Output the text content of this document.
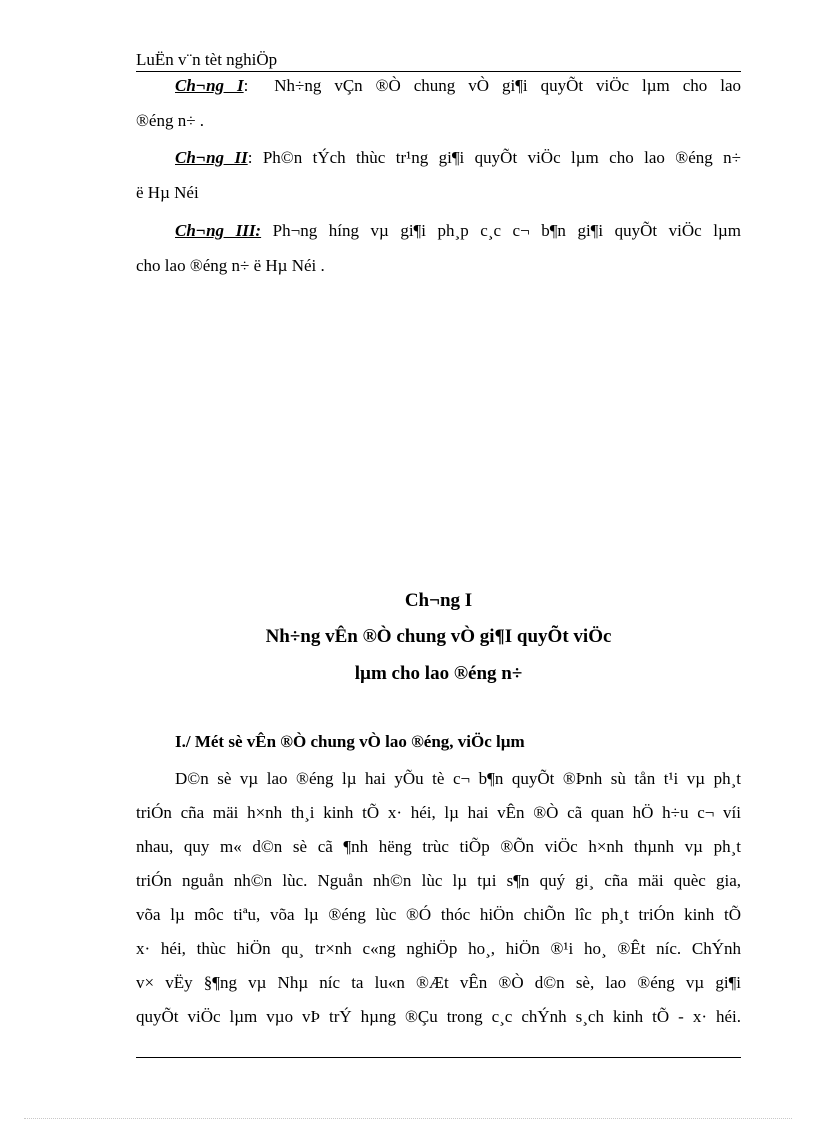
LuËn v¨n tèt nghiÖp
Ch¬ng I: Nh÷ng vÇn ®Ò chung vÒ gi¶i quyÕt viÖc lµm cho lao
®éng n÷ .
Ch¬ng II: Ph©n tÝch thùc tr¹ng gi¶i quyÕt viÖc lµm cho lao ®éng n÷
ë Hµ Néi
Ch¬ng III: Ph¬ng híng vµ gi¶i ph¸p c¸c c¬ b¶n gi¶i quyÕt viÖc lµm
cho lao ®éng n÷ ë Hµ Néi .
Ch¬ng I
Nh÷ng vÊn ®Ò chung vÒ gi¶I quyÕt viÖc
lµm cho lao ®éng n÷
I./ Mét sè vÊn ®Ò chung vÒ lao ®éng, viÖc lµm
D©n sè vµ lao ®éng lµ hai yÕu tè c¬ b¶n quyÕt ®Þnh sù tån t¹i vµ ph¸t
triÓn cña mäi h×nh th¸i kinh tÕ x· héi, lµ hai vÊn ®Ò cã quan hÖ h÷u c¬ víi
nhau, quy m« d©n sè cã ¶nh hëng trùc tiÕp ®Õn viÖc h×nh thµnh vµ ph¸t
triÓn nguån nh©n lùc. Nguån nh©n lùc lµ tµi s¶n quý gi¸ cña mäi quèc gia,
võa lµ môc tiªu, võa lµ ®éng lùc ®Ó thóc hiÖn chiÕn lîc ph¸t triÓn kinh tÕ
x· héi, thùc hiÖn qu¸ tr×nh c«ng nghiÖp ho¸, hiÖn ®¹i ho¸ ®Êt níc. ChÝnh
v× vËy §¶ng vµ Nhµ níc ta lu«n ®Æt vÊn ®Ò d©n sè, lao ®éng vµ gi¶i
quyÕt viÖc lµm vµo vÞ trÝ hµng ®Çu trong c¸c chÝnh s¸ch kinh tÕ - x· héi.
